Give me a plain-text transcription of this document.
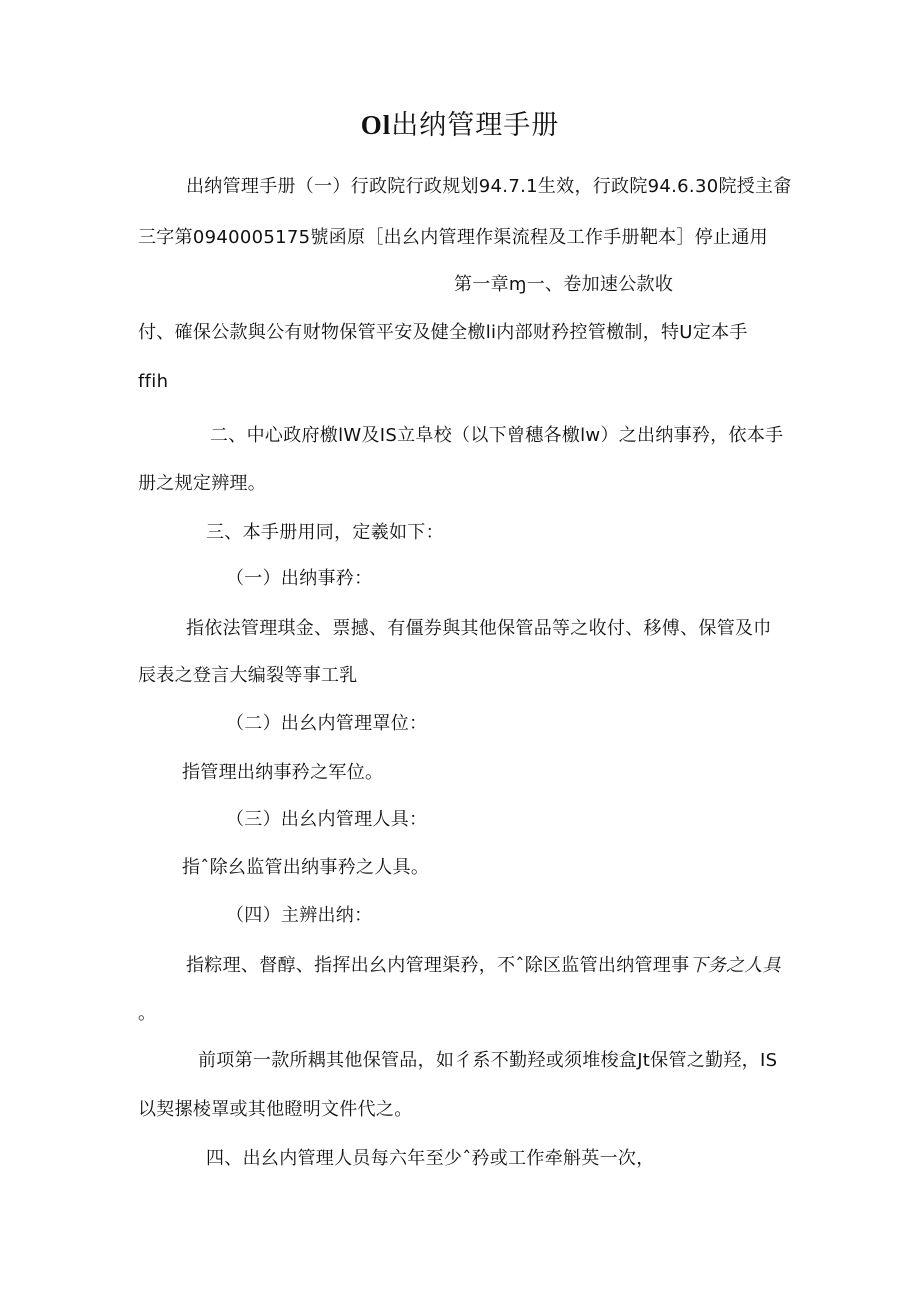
Ol出纳管理手册
出纳管理手册（一）行政院行政规划94.7.1生效，行政院94.6.30院授主畲
三字第0940005175號函原［出幺内管理作渠流程及工作手册靶本］停止通用
第一章ɱ一、卷加速公款收
付、確保公款與公有财物保管平安及健全檄li内部财矜控管檄制，特U定本手
ffih
二、中心政府檄lW及IS立阜校（以下曾穗各檄lw）之出纳事矜，依本手
册之规定辨理。
三、本手册用同，定羲如下：
（一）出纳事矜：
指依法管理琪金、票撼、有僵券與其他保管品等之收付、移傅、保管及巾
辰表之登言大编裂等事工乳
（二）出幺内管理罩位：
指管理出纳事矜之军位。
（三）出幺内管理人具：
指ˆ除幺监管出纳事矜之人具。
（四）主辨出纳：
指粽理、督醇、指挥出幺内管理渠矜，不ˆ除区监管出纳管理事下务之人具
。
前项第一款所耦其他保管品，如彳系不勤羟或须堆梭盒Jt保管之勤羟，IS
以契摞棱罩或其他瞪明文件代之。
四、出幺内管理人员每六年至少ˆ矜或工作牵斛英一次，
